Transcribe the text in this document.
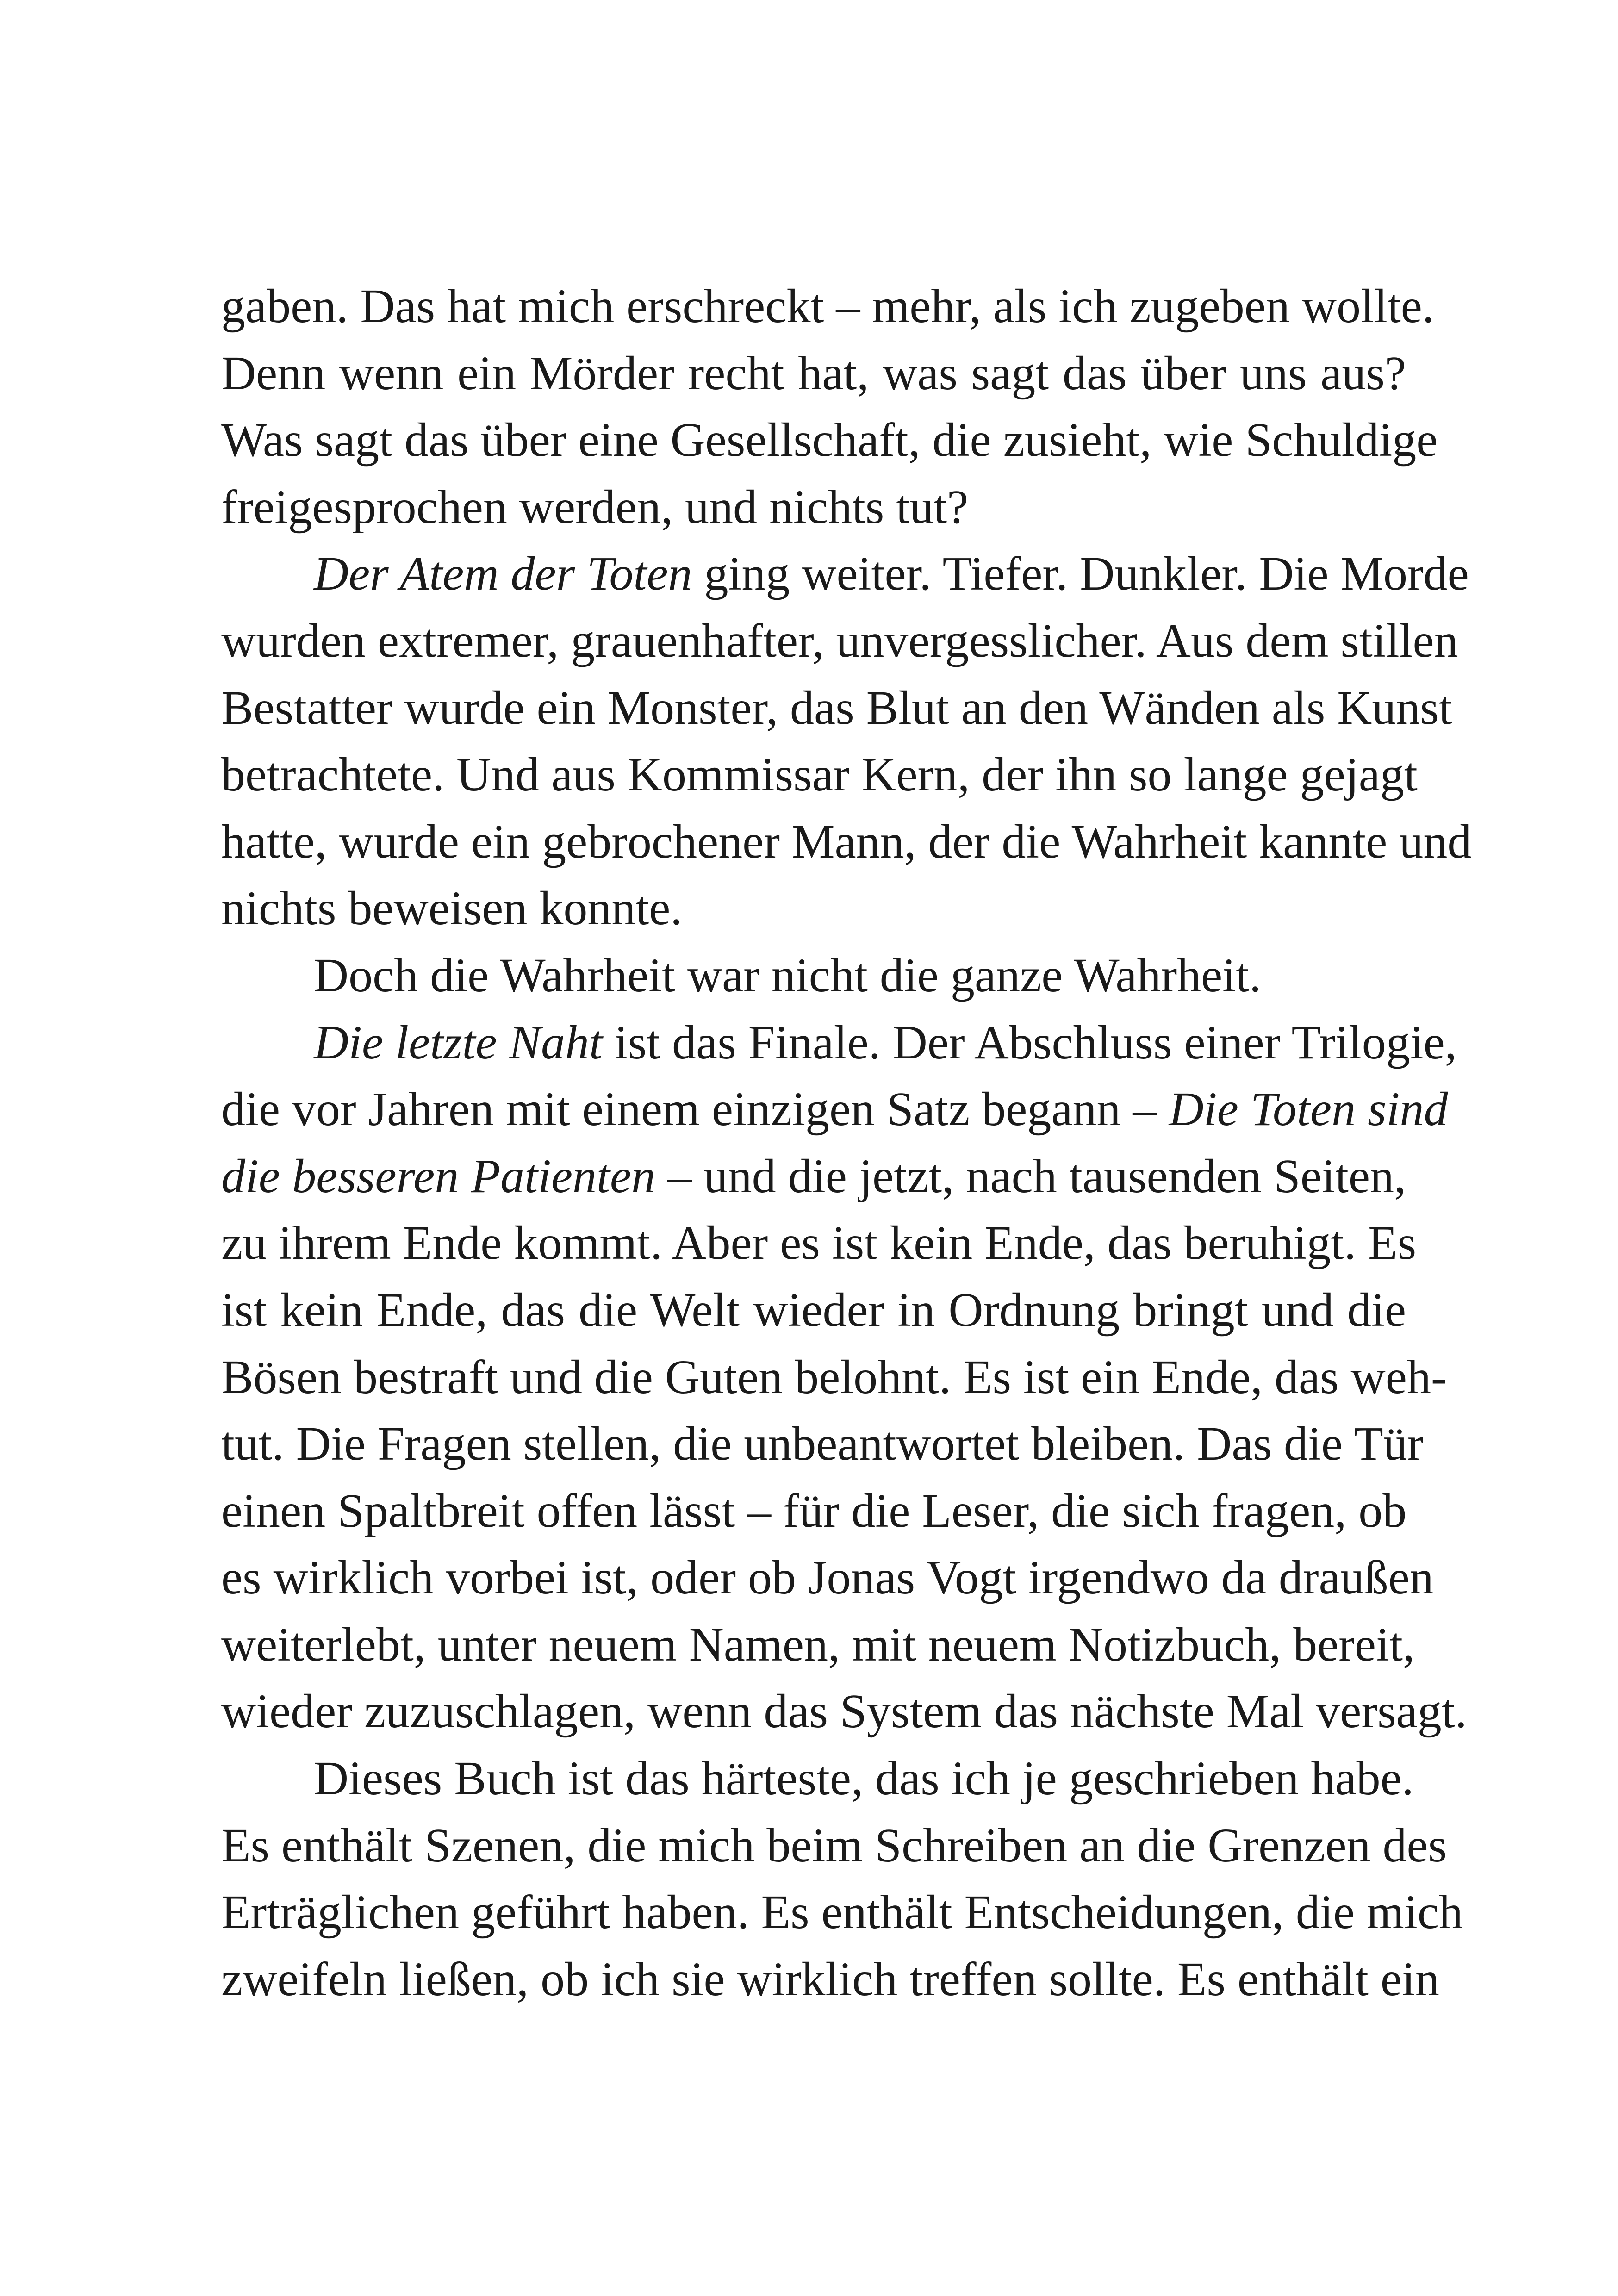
gaben. Das hat mich erschreckt – mehr, als ich zugeben wollte.
Denn wenn ein Mörder recht hat, was sagt das über uns aus?
Was sagt das über eine Gesellschaft, die zusieht, wie Schuldige
freigesprochen werden, und nichts tut?
Der Atem der Toten ging weiter. Tiefer. Dunkler. Die Morde
wurden extremer, grauenhafter, unvergesslicher. Aus dem stillen
Bestatter wurde ein Monster, das Blut an den Wänden als Kunst
betrachtete. Und aus Kommissar Kern, der ihn so lange gejagt
hatte, wurde ein gebrochener Mann, der die Wahrheit kannte und
nichts beweisen konnte.
Doch die Wahrheit war nicht die ganze Wahrheit.
Die letzte Naht ist das Finale. Der Abschluss einer Trilogie,
die vor Jahren mit einem einzigen Satz begann – Die Toten sind
die besseren Patienten – und die jetzt, nach tausenden Seiten,
zu ihrem Ende kommt. Aber es ist kein Ende, das beruhigt. Es
ist kein Ende, das die Welt wieder in Ordnung bringt und die
Bösen bestraft und die Guten belohnt. Es ist ein Ende, das weh-
tut. Die Fragen stellen, die unbeantwortet bleiben. Das die Tür
einen Spaltbreit offen lässt – für die Leser, die sich fragen, ob
es wirklich vorbei ist, oder ob Jonas Vogt irgendwo da draußen
weiterlebt, unter neuem Namen, mit neuem Notizbuch, bereit,
wieder zuzuschlagen, wenn das System das nächste Mal versagt.
Dieses Buch ist das härteste, das ich je geschrieben habe.
Es enthält Szenen, die mich beim Schreiben an die Grenzen des
Erträglichen geführt haben. Es enthält Entscheidungen, die mich
zweifeln ließen, ob ich sie wirklich treffen sollte. Es enthält ein
